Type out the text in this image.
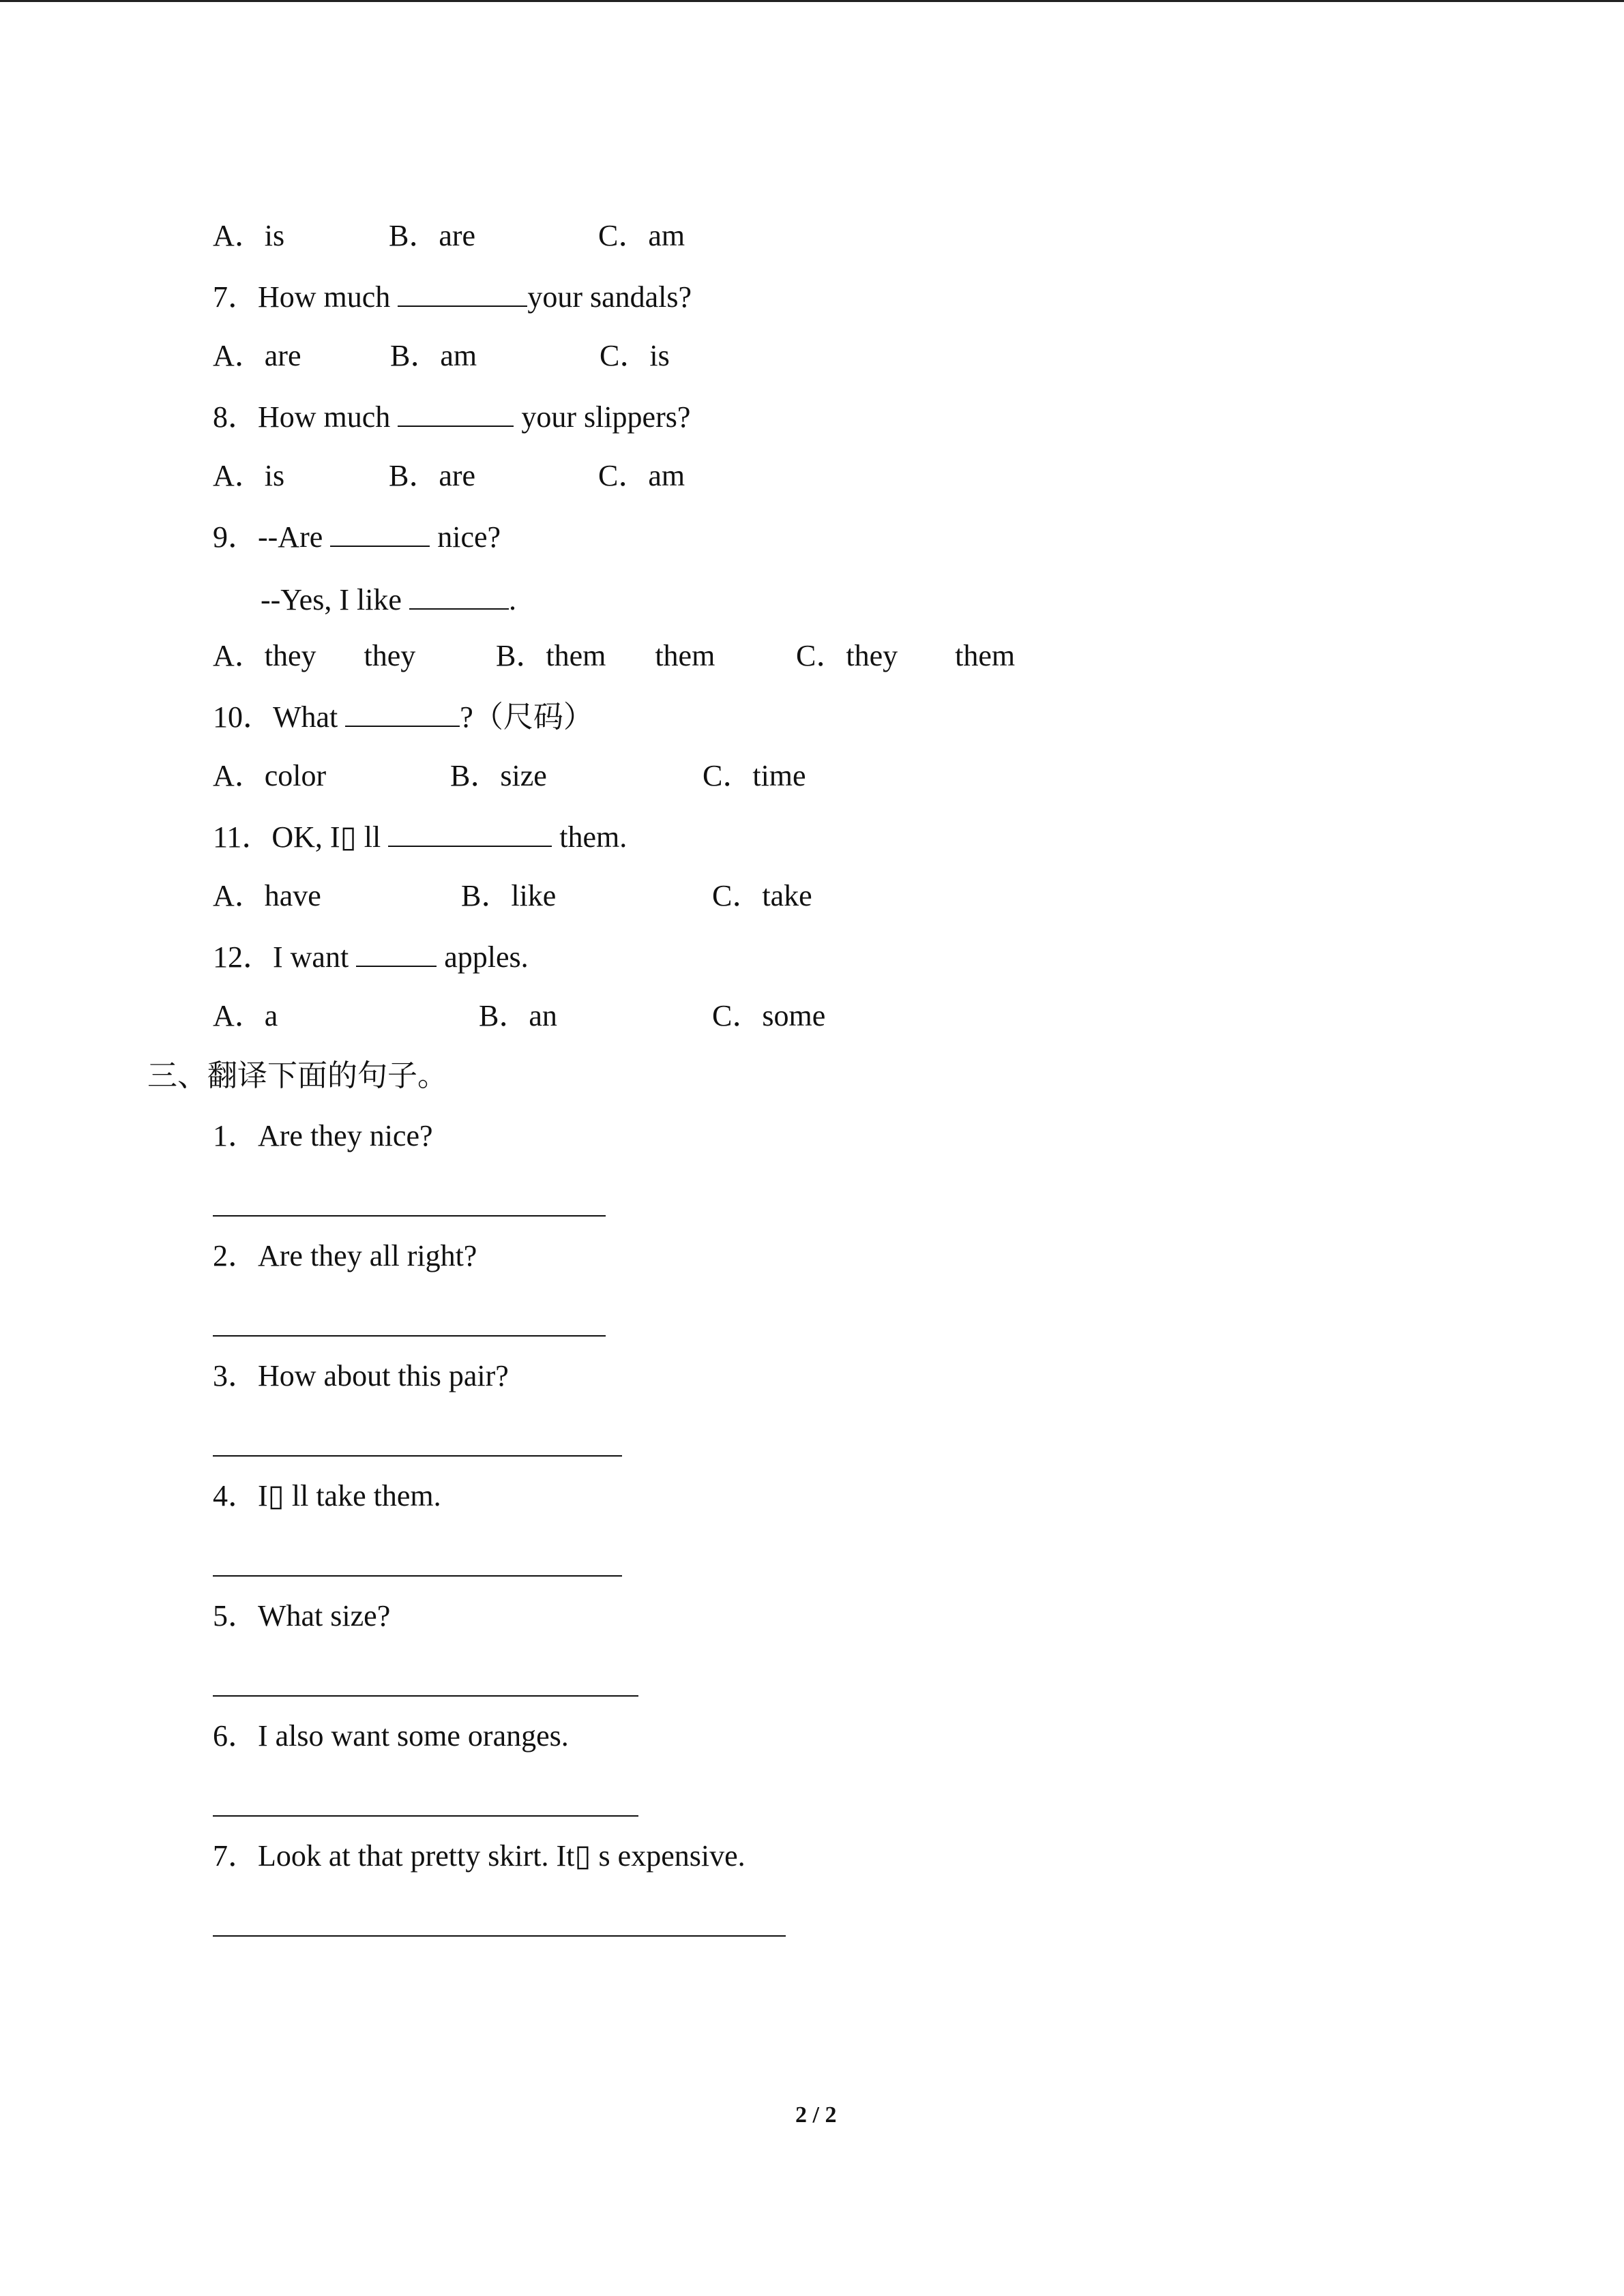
A．is	B．are	C．am
7．How much	your sandals?
A．are	B．am	C．is
8．How much	your slippers?
A．is	B．are	C．am
9．--Are	nice?
--Yes, I like	.
A．they they	B．them them	C．they them
10．What	?（尺码）
A．color	B．size	C．time
11．OK, I▯ ll	them.
A．have	B．like	C．take
12．I want	apples.
A．a	B．an	C．some
三、翻译下面的句子。
1．Are they nice?
2．Are they all right?
3．How about this pair?
4．I▯ ll take them.
5．What size?
6．I also want some oranges.
7．Look at that pretty skirt. It▯ s expensive.
2 / 2
